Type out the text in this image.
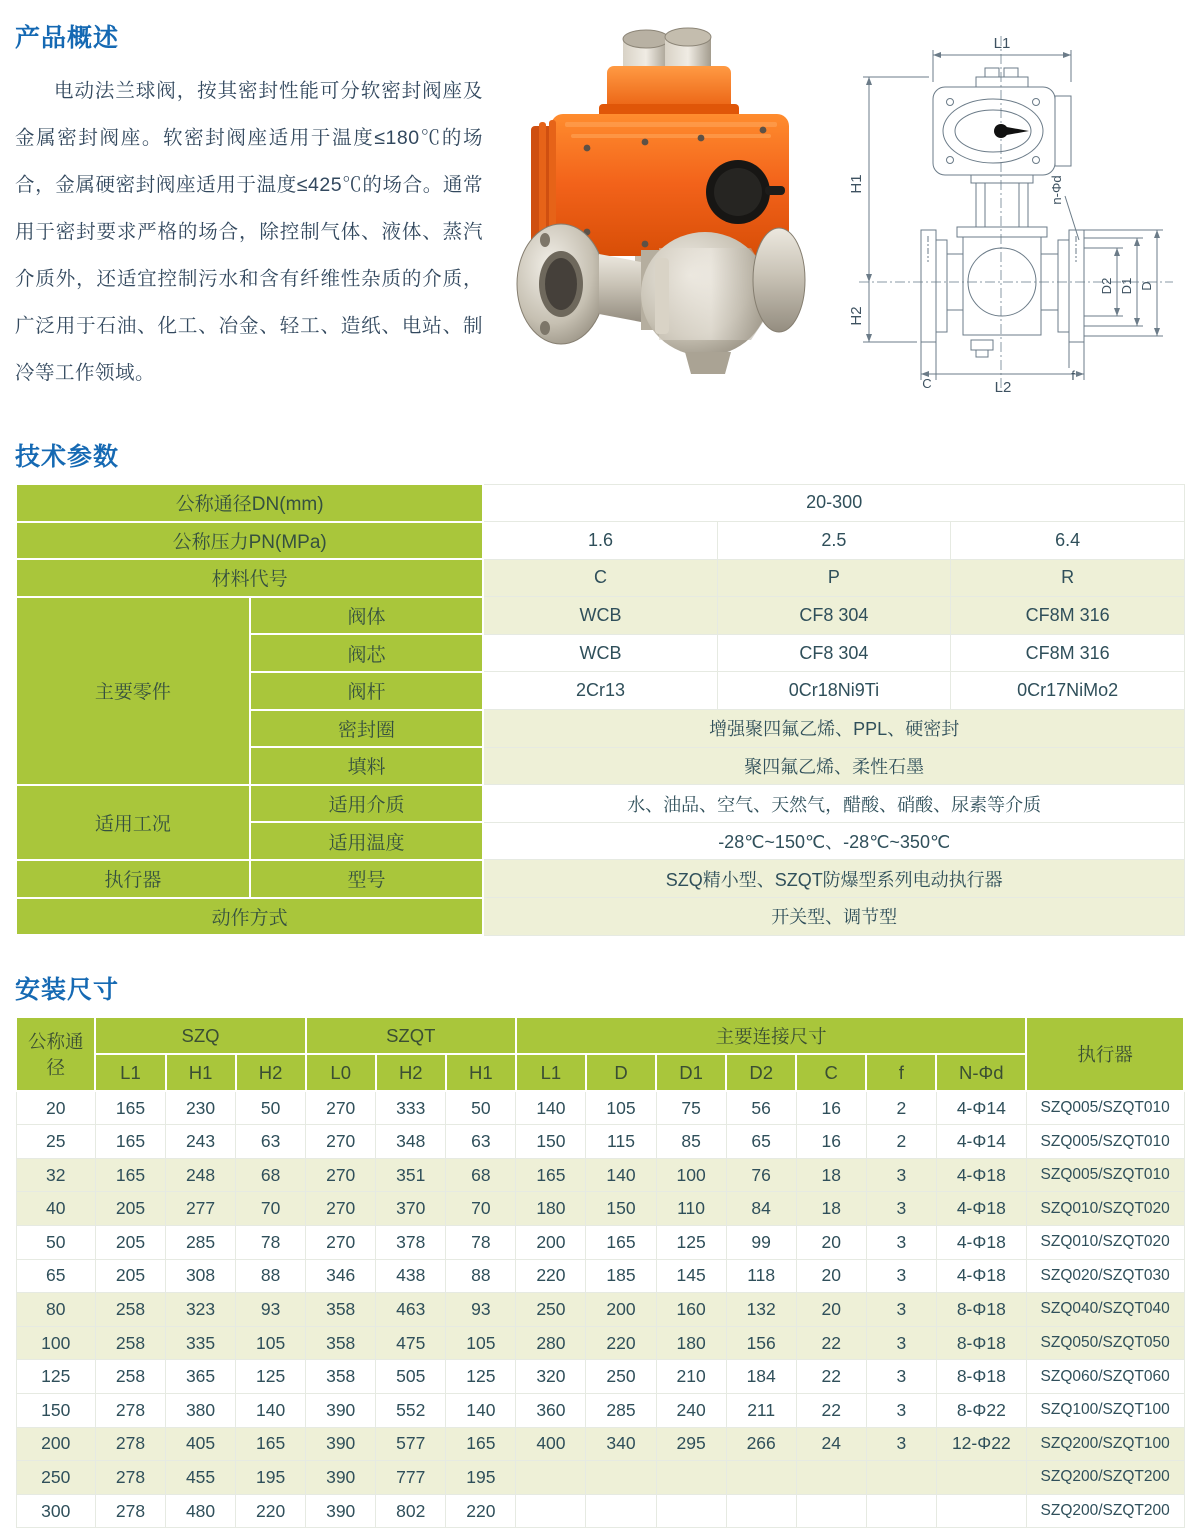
产品概述

电动法兰球阀，按其密封性能可分软密封阀座及金属密封阀座。软密封阀座适用于温度≤180℃的场合，金属硬密封阀座适用于温度≤425℃的场合。通常用于密封要求严格的场合，除控制气体、液体、蒸汽介质外，还适宜控制污水和含有纤维性杂质的介质，广泛用于石油、化工、冶金、轻工、造纸、电站、制冷等工作领域。

L1
H1
H2
n-Φd
D2 D1 D
C	L2
f
技术参数
公称通径DN(mm)		20-300		
公称压力PN(MPa)		1.6	2.5	6.4
材料代号		C	P	R
主要零件	阀体	WCB	CF8 304	CF8M 316
	阀芯	WCB	CF8 304	CF8M 316
	阀杆	2Cr13	0Cr18Ni9Ti	0Cr17NiMo2
	密封圈	增强聚四氟乙烯、PPL、硬密封		
	填料	聚四氟乙烯、柔性石墨		
适用工况	适用介质	水、油品、空气、天然气，醋酸、硝酸、尿素等介质		
	适用温度	-28℃~150℃、-28℃~350℃		
执行器	型号	SZQ精小型、SZQT防爆型系列电动执行器		
动作方式		开关型、调节型		
安装尺寸
公称通径	SZQ			SZQT			主要连接尺寸							执行器
	L1	H1	H2	L0	H2	H1	L1	D	D1	D2	C	f	N-Φd	
20	165	230	50	270	333	50	140	105	75	56	16	2	4-Φ14	SZQ005/SZQT010
25	165	243	63	270	348	63	150	115	85	65	16	2	4-Φ14	SZQ005/SZQT010
32	165	248	68	270	351	68	165	140	100	76	18	3	4-Φ18	SZQ005/SZQT010
40	205	277	70	270	370	70	180	150	110	84	18	3	4-Φ18	SZQ010/SZQT020
50	205	285	78	270	378	78	200	165	125	99	20	3	4-Φ18	SZQ010/SZQT020
65	205	308	88	346	438	88	220	185	145	118	20	3	4-Φ18	SZQ020/SZQT030
80	258	323	93	358	463	93	250	200	160	132	20	3	8-Φ18	SZQ040/SZQT040
100	258	335	105	358	475	105	280	220	180	156	22	3	8-Φ18	SZQ050/SZQT050
125	258	365	125	358	505	125	320	250	210	184	22	3	8-Φ18	SZQ060/SZQT060
150	278	380	140	390	552	140	360	285	240	211	22	3	8-Φ22	SZQ100/SZQT100
200	278	405	165	390	577	165	400	340	295	266	24	3	12-Φ22	SZQ200/SZQT100
250	278	455	195	390	777	195								SZQ200/SZQT200
300	278	480	220	390	802	220								SZQ200/SZQT200
